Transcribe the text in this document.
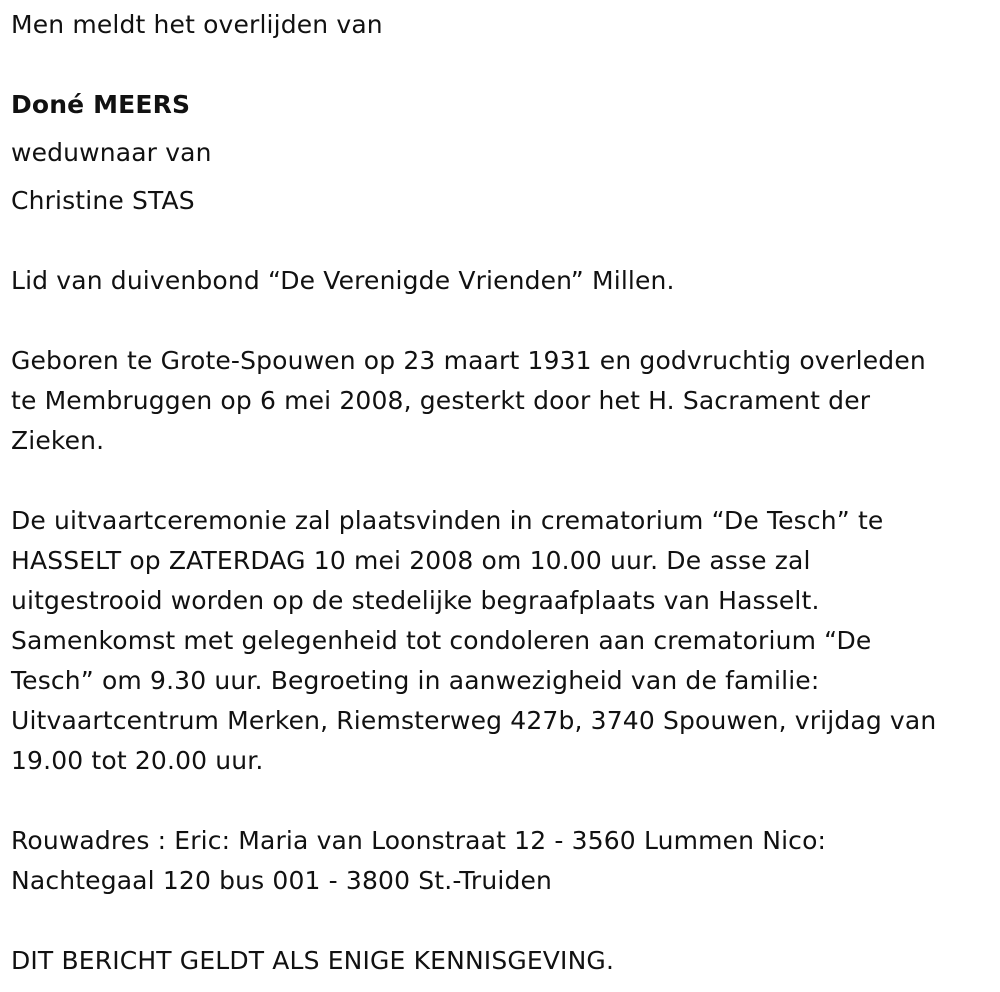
Men meldt het overlijden van

Doné MEERS

weduwnaar van

Christine STAS

Lid van duivenbond “De Verenigde Vrienden” Millen.

Geboren te Grote-Spouwen op 23 maart 1931 en godvruchtig overleden

te Membruggen op 6 mei 2008, gesterkt door het H. Sacrament der

Zieken.

De uitvaartceremonie zal plaatsvinden in crematorium “De Tesch” te

HASSELT op ZATERDAG 10 mei 2008 om 10.00 uur. De asse zal

uitgestrooid worden op de stedelijke begraafplaats van Hasselt.

Samenkomst met gelegenheid tot condoleren aan crematorium “De

Tesch” om 9.30 uur. Begroeting in aanwezigheid van de familie:

Uitvaartcentrum Merken, Riemsterweg 427b, 3740 Spouwen, vrijdag van

19.00 tot 20.00 uur.

Rouwadres : Eric: Maria van Loonstraat 12 - 3560 Lummen Nico:

Nachtegaal 120 bus 001 - 3800 St.-Truiden

DIT BERICHT GELDT ALS ENIGE KENNISGEVING.
